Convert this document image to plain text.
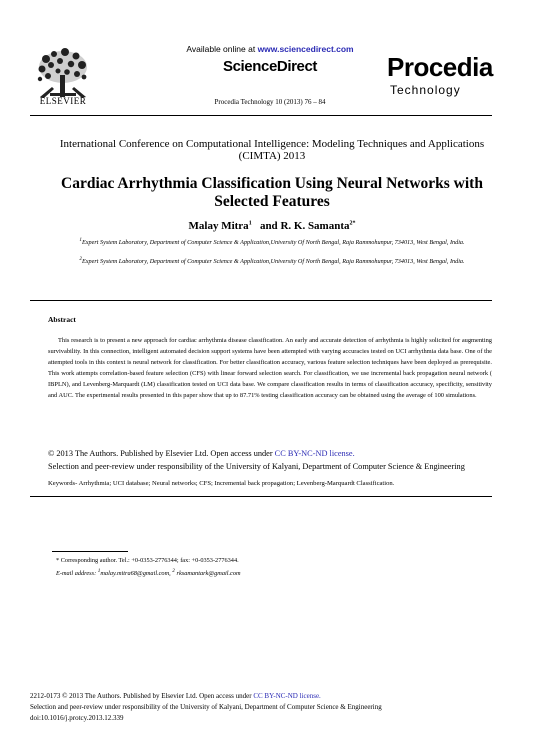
ELSEVIER
Available online at www.sciencedirect.com
ScienceDirect
Procedia Technology 10 (2013) 76 – 84
Procedia
Technology
International Conference on Computational Intelligence: Modeling Techniques and Applications (CIMTA) 2013
Cardiac Arrhythmia Classification Using Neural Networks with Selected Features
Malay Mitra$^1$ and R. K. Samanta$^{2*}$
$^1$Expert System Laboratory, Department of Computer Science & Application,University Of North Bengal, Raja Rammohunpur, 734013, West Bengal, India.
$^2$Expert System Laboratory, Department of Computer Science & Application,University Of North Bengal, Raja Rammohunpur, 734013, West Bengal, India.
Abstract
This research is to present a new approach for cardiac arrhythmia disease classification. An early and accurate detection of arrhythmia is highly solicited for augmenting survivability. In this connection, intelligent automated decision support systems have been attempted with varying accuracies tested on UCI arrhythmia data base. One of the attempted tools in this context is neural network for classification. For better classification accuracy, various feature selection techniques have been deployed as prerequisite. This work attempts correlation-based feature selection (CFS) with linear forward selection search. For classification, we use incremental back propagation neural network ( IBPLN), and Levenberg-Marquardt (LM) classification tested on UCI data base. We compare classification results in terms of classification accuracy, specificity, sensitivity and AUC. The experimental results presented in this paper show that up to 87.71% testing classification accuracy can be obtained using the average of 100 simulations.
© 2013 The Authors. Published by Elsevier Ltd. Open access under CC BY-NC-ND license.
Selection and peer-review under responsibility of the University of Kalyani, Department of Computer Science & Engineering
Keywords- Arrhythmia; UCI database; Neural networks; CFS; Incremental back propagation; Levenberg-Marquardt Classification.
* Corresponding author. Tel.: +0-0353-2776344; fax: +0-0353-2776344.
E-mail address: $^1$malay.mitra68@gmail.com, $^2$ rksamantark@gmail.com
2212-0173 © 2013 The Authors. Published by Elsevier Ltd. Open access under CC BY-NC-ND license.
Selection and peer-review under responsibility of the University of Kalyani, Department of Computer Science & Engineering
doi:10.1016/j.protcy.2013.12.339
